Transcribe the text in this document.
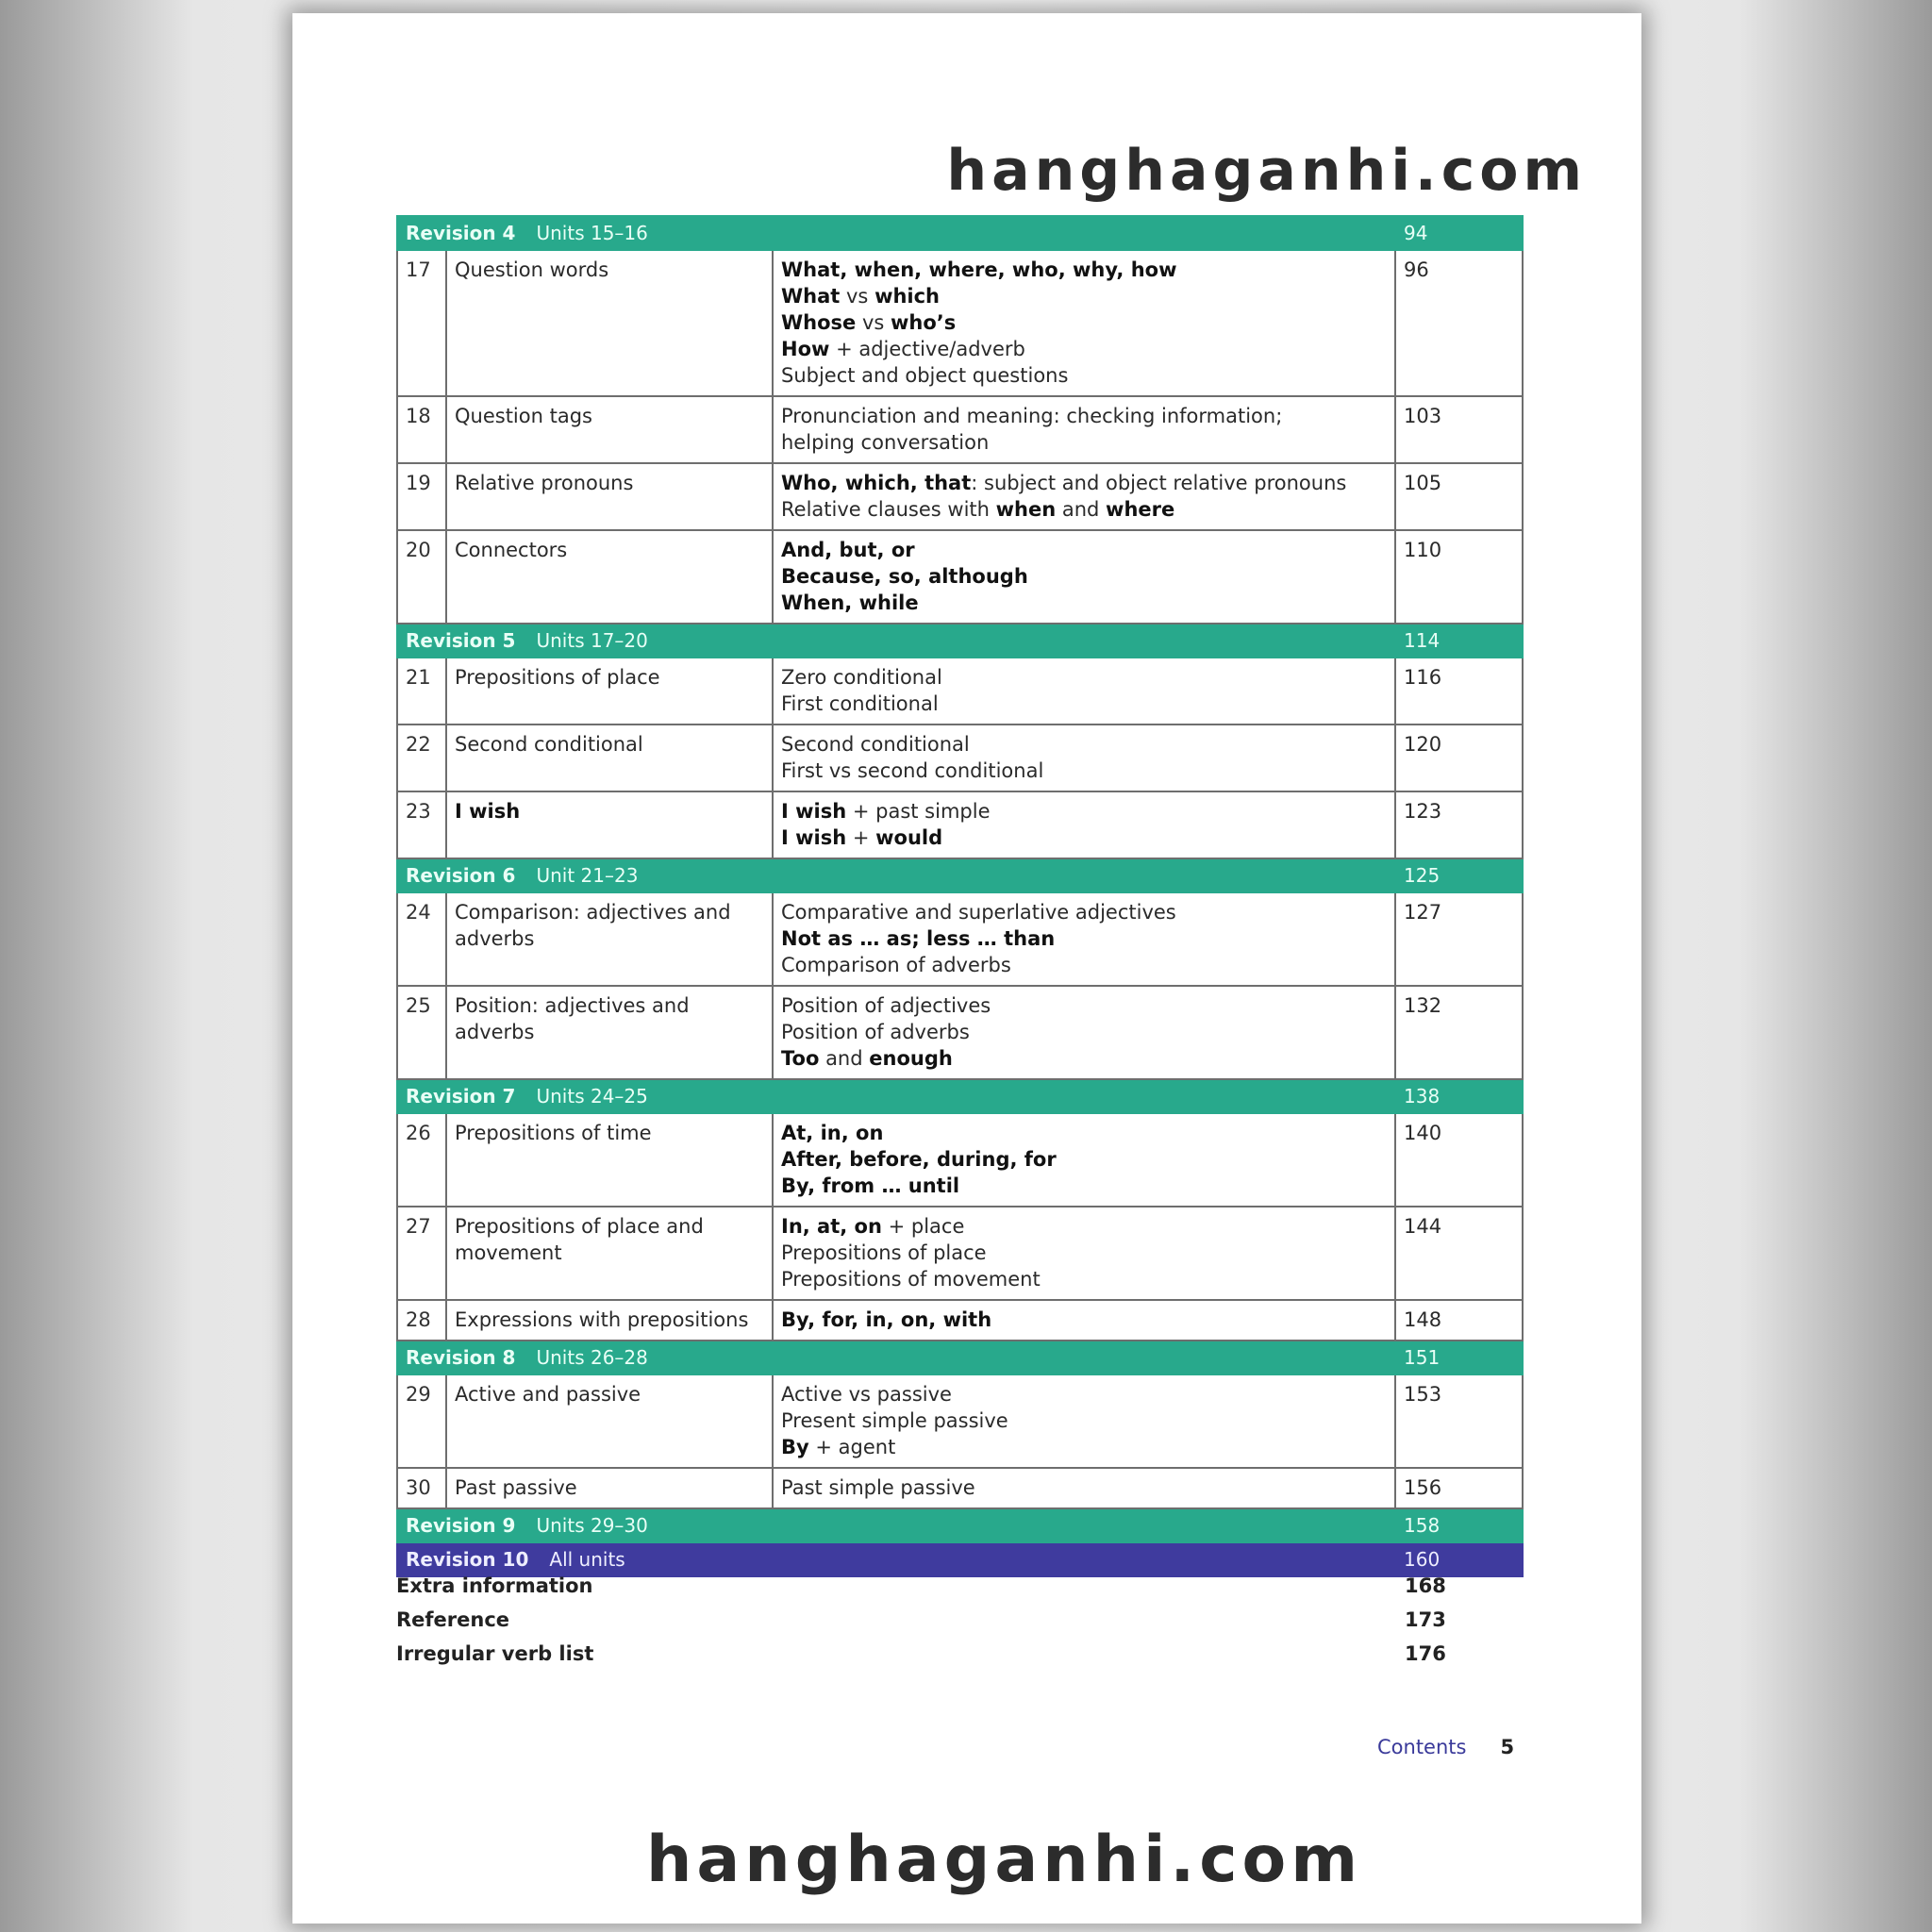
hanghaganhi.com
Revision 4 Units 15–16			94
17	Question words	What, when, where, who, why, how
What vs which
Whose vs who’s
How + adjective/adverb
Subject and object questions	96
18	Question tags	Pronunciation and meaning: checking information;
helping conversation	103
19	Relative pronouns	Who, which, that: subject and object relative pronouns
Relative clauses with when and where	105
20	Connectors	And, but, or
Because, so, although
When, while	110
Revision 5 Units 17–20			114
21	Prepositions of place	Zero conditional
First conditional	116
22	Second conditional	Second conditional
First vs second conditional	120
23	I wish	I wish + past simple
I wish + would	123
Revision 6 Unit 21–23			125
24	Comparison: adjectives and adverbs	Comparative and superlative adjectives
Not as … as; less … than
Comparison of adverbs	127
25	Position: adjectives and adverbs	Position of adjectives
Position of adverbs
Too and enough	132
Revision 7 Units 24–25			138
26	Prepositions of time	At, in, on
After, before, during, for
By, from … until	140
27	Prepositions of place and movement	In, at, on + place
Prepositions of place
Prepositions of movement	144
28	Expressions with prepositions	By, for, in, on, with	148
Revision 8 Units 26–28			151
29	Active and passive	Active vs passive
Present simple passive
By + agent	153
30	Past passive	Past simple passive	156
Revision 9 Units 29–30			158
Revision 10 All units			160
Extra information	168
Reference	173
Irregular verb list	176
Contents 5
hanghaganhi.com
